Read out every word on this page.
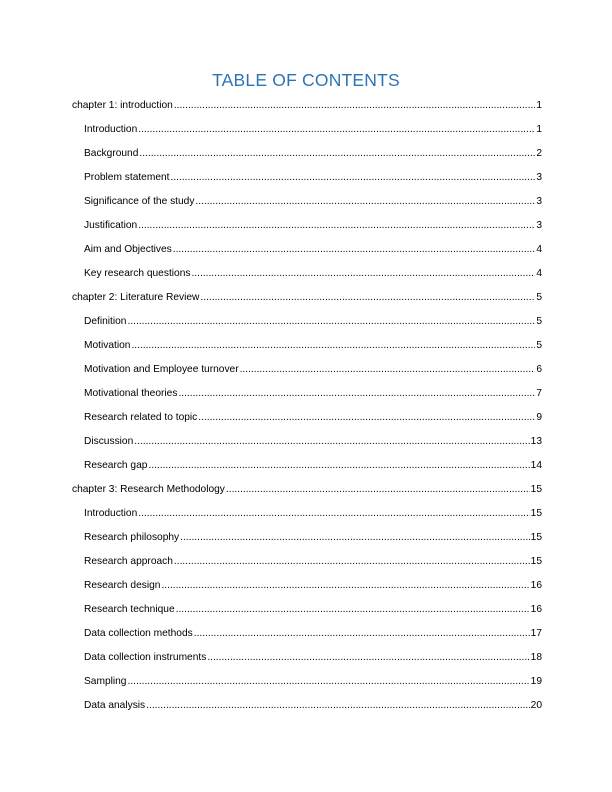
TABLE OF CONTENTS
chapter 1: introduction .....	1
Introduction .....	1
Background .....	2
Problem statement .....	3
Significance of the study .....	3
Justification .....	3
Aim and Objectives .....	4
Key research questions .....	4
chapter 2: Literature Review .....	5
Definition .....	5
Motivation .....	5
Motivation and Employee turnover .....	6
Motivational theories .....	7
Research related to topic .....	9
Discussion .....	13
Research gap .....	14
chapter 3: Research Methodology .....	15
Introduction .....	15
Research philosophy .....	15
Research approach .....	15
Research design .....	16
Research technique .....	16
Data collection methods .....	17
Data collection instruments .....	18
Sampling .....	19
Data analysis .....	20
